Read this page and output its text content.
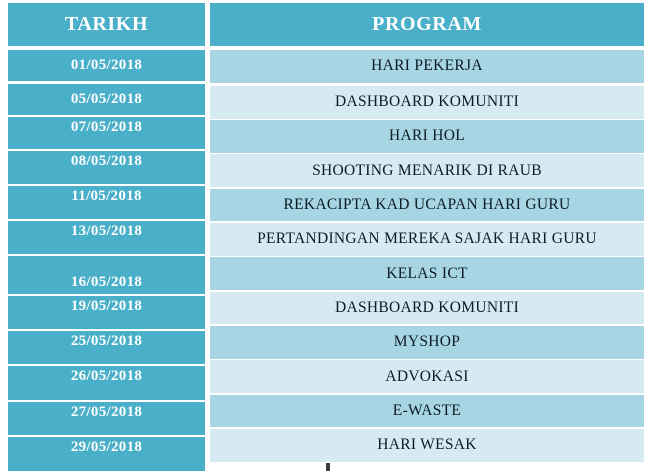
TARIKH	PROGRAM
01/05/2018
05/05/2018
07/05/2018
08/05/2018
11/05/2018
13/05/2018
16/05/2018
19/05/2018
25/05/2018
26/05/2018
27/05/2018
29/05/2018
HARI PEKERJA
DASHBOARD KOMUNITI
HARI HOL
SHOOTING MENARIK DI RAUB
REKACIPTA KAD UCAPAN HARI GURU
PERTANDINGAN MEREKA SAJAK HARI GURU
KELAS ICT
DASHBOARD KOMUNITI
MYSHOP
ADVOKASI
E-WASTE
HARI WESAK
